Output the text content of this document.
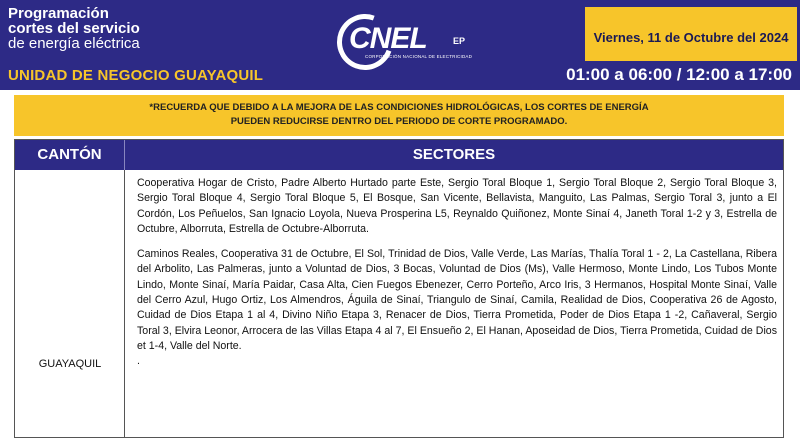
Programación
cortes del servicio
de energía eléctrica
UNIDAD DE NEGOCIO GUAYAQUIL
CNEL	EP
CORPORACIÓN NACIONAL DE ELECTRICIDAD
Viernes, 11 de Octubre del 2024
01:00 a 06:00 / 12:00 a 17:00
*RECUERDA QUE DEBIDO A LA MEJORA DE LAS CONDICIONES HIDROLÓGICAS, LOS CORTES DE ENERGÍA
PUEDEN REDUCIRSE DENTRO DEL PERIODO DE CORTE PROGRAMADO.
CANTÓN	SECTORES
GUAYAQUIL

Cooperativa Hogar de Cristo, Padre Alberto Hurtado parte Este, Sergio Toral Bloque 1, Sergio Toral Bloque 2, Sergio Toral Bloque 3, Sergio Toral Bloque 4, Sergio Toral Bloque 5, El Bosque, San Vicente, Bellavista, Manguito, Las Palmas, Sergio Toral 3, junto a El Cordón, Los Peñuelos, San Ignacio Loyola, Nueva Prosperina L5, Reynaldo Quiñonez, Monte Sinaí 4, Janeth Toral 1-2 y 3, Estrella de Octubre, Alborruta, Estrella de Octubre-Alborruta.

Caminos Reales, Cooperativa 31 de Octubre, El Sol, Trinidad de Dios, Valle Verde, Las Marías, Thalía Toral 1 - 2, La Castellana, Ribera del Arbolito, Las Palmeras, junto a Voluntad de Dios, 3 Bocas, Voluntad de Dios (Ms), Valle Hermoso, Monte Lindo, Los Tubos Monte Lindo, Monte Sinaí, María Paidar, Casa Alta, Cien Fuegos Ebenezer, Cerro Porteño, Arco Iris, 3 Hermanos, Hospital Monte Sinaí, Valle del Cerro Azul, Hugo Ortiz, Los Almendros, Águila de Sinaí, Triangulo de Sinaí, Camila, Realidad de Dios, Cooperativa 26 de Agosto, Cuidad de Dios Etapa 1 al 4, Divino Niño Etapa 3, Renacer de Dios, Tierra Prometida, Poder de Dios Etapa 1 -2, Cañaveral, Sergio Toral 3, Elvira Leonor, Arrocera de las Villas Etapa 4 al 7, El Ensueño 2, El Hanan, Aposeidad de Dios, Tierra Prometida, Cuidad de Dios et 1-4, Valle del Norte.

.
